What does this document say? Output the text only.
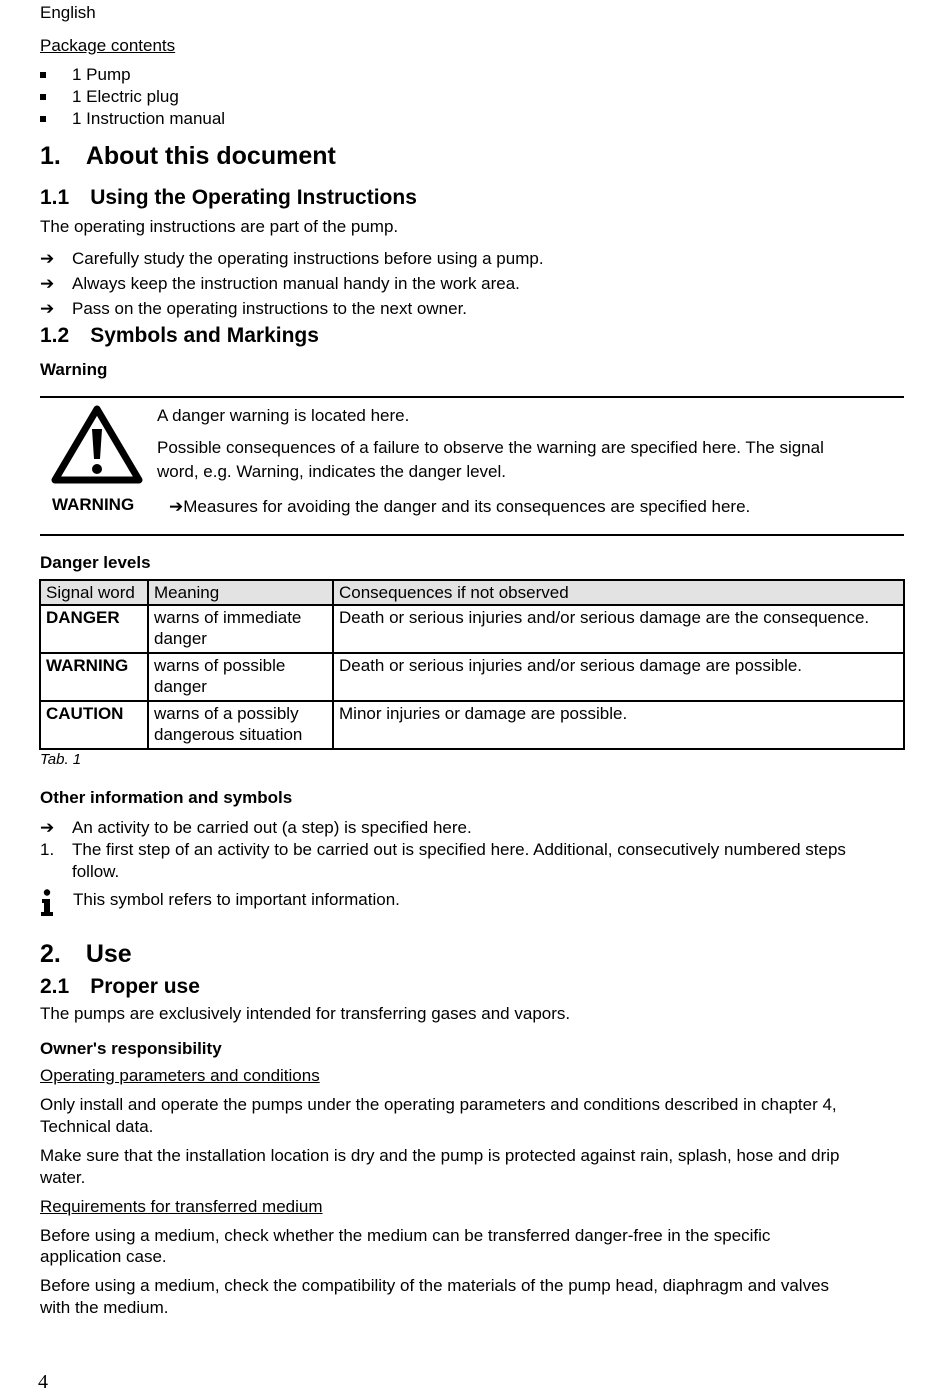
English
Package contents
1 Pump
1 Electric plug
1 Instruction manual
1. About this document
1.1 Using the Operating Instructions
The operating instructions are part of the pump.
➔ Carefully study the operating instructions before using a pump.
➔ Always keep the instruction manual handy in the work area.
➔ Pass on the operating instructions to the next owner.
1.2 Symbols and Markings
Warning
WARNING
A danger warning is located here.
Possible consequences of a failure to observe the warning are specified here. The signal
word, e.g. Warning, indicates the danger level.
➔Measures for avoiding the danger and its consequences are specified here.
Danger levels
Signal word	Meaning	Consequences if not observed
DANGER	warns of immediate danger	Death or serious injuries and/or serious damage are the consequence.
WARNING	warns of possible danger	Death or serious injuries and/or serious damage are possible.
CAUTION	warns of a possibly dangerous situation	Minor injuries or damage are possible.
Tab. 1
Other information and symbols
➔ An activity to be carried out (a step) is specified here.
1. The first step of an activity to be carried out is specified here. Additional, consecutively numbered steps
follow.
This symbol refers to important information.
2. Use
2.1 Proper use
The pumps are exclusively intended for transferring gases and vapors.
Owner's responsibility
Operating parameters and conditions
Only install and operate the pumps under the operating parameters and conditions described in chapter 4,
Technical data.
Make sure that the installation location is dry and the pump is protected against rain, splash, hose and drip
water.
Requirements for transferred medium
Before using a medium, check whether the medium can be transferred danger-free in the specific
application case.
Before using a medium, check the compatibility of the materials of the pump head, diaphragm and valves
with the medium.
4
